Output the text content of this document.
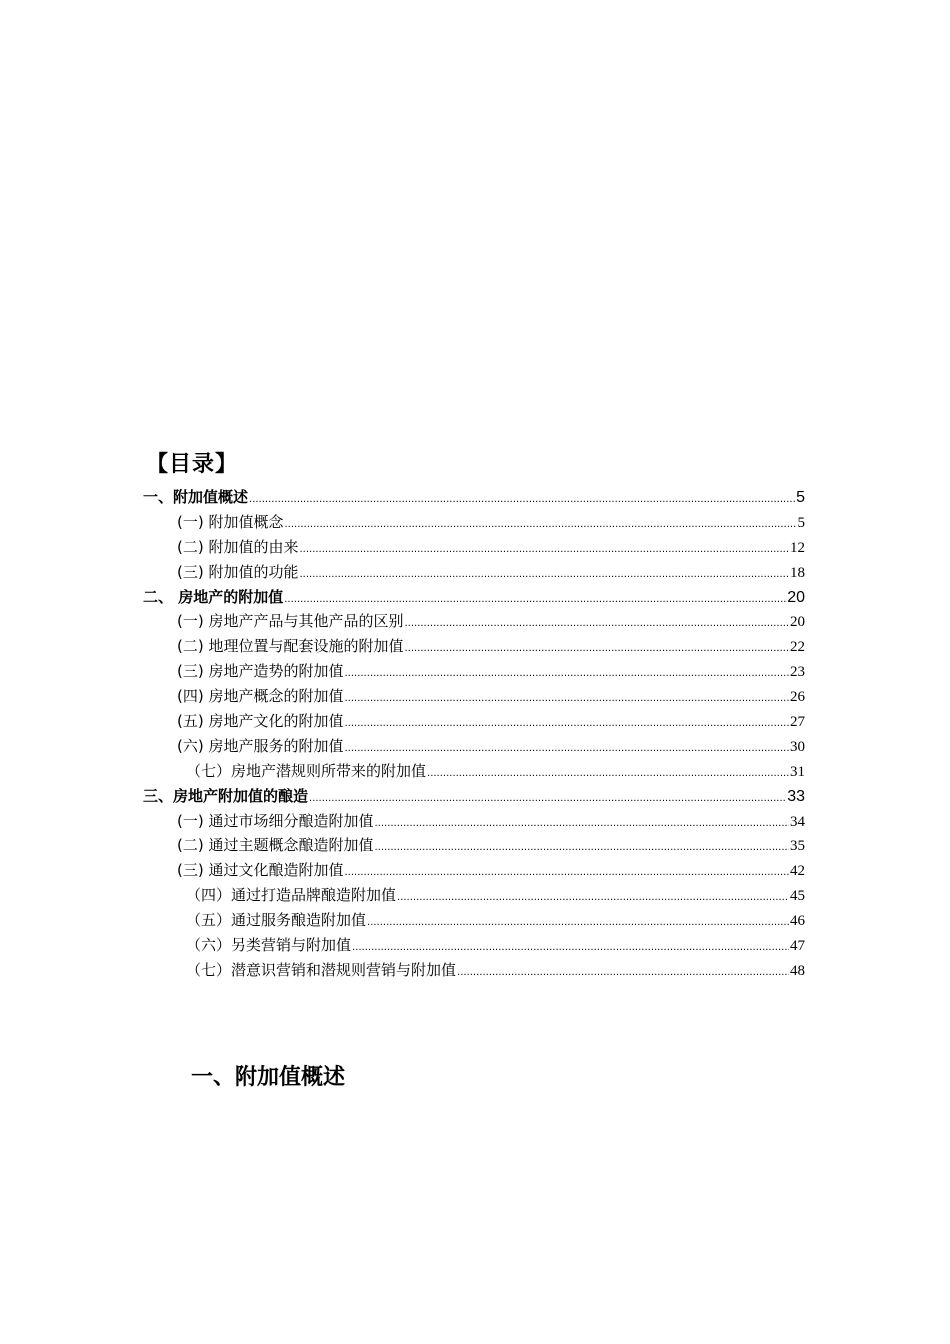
【目录】
一、附加值概述 .....	5
(一) 附加值概念 .....	5
(二) 附加值的由来 .....	12
(三) 附加值的功能 .....	18
二、 房地产的附加值 .....	20
(一) 房地产产品与其他产品的区别 .....	20
(二) 地理位置与配套设施的附加值 .....	22
(三) 房地产造势的附加值 .....	23
(四) 房地产概念的附加值 .....	26
(五) 房地产文化的附加值 .....	27
(六) 房地产服务的附加值 .....	30
（七）房地产潜规则所带来的附加值 .....	31
三、房地产附加值的酿造 .....	33
(一) 通过市场细分酿造附加值 .....	34
(二) 通过主题概念酿造附加值 .....	35
(三) 通过文化酿造附加值 .....	42
（四）通过打造品牌酿造附加值 .....	45
（五）通过服务酿造附加值 .....	46
（六）另类营销与附加值 .....	47
（七）潜意识营销和潜规则营销与附加值 .....	48
一、附加值概述
